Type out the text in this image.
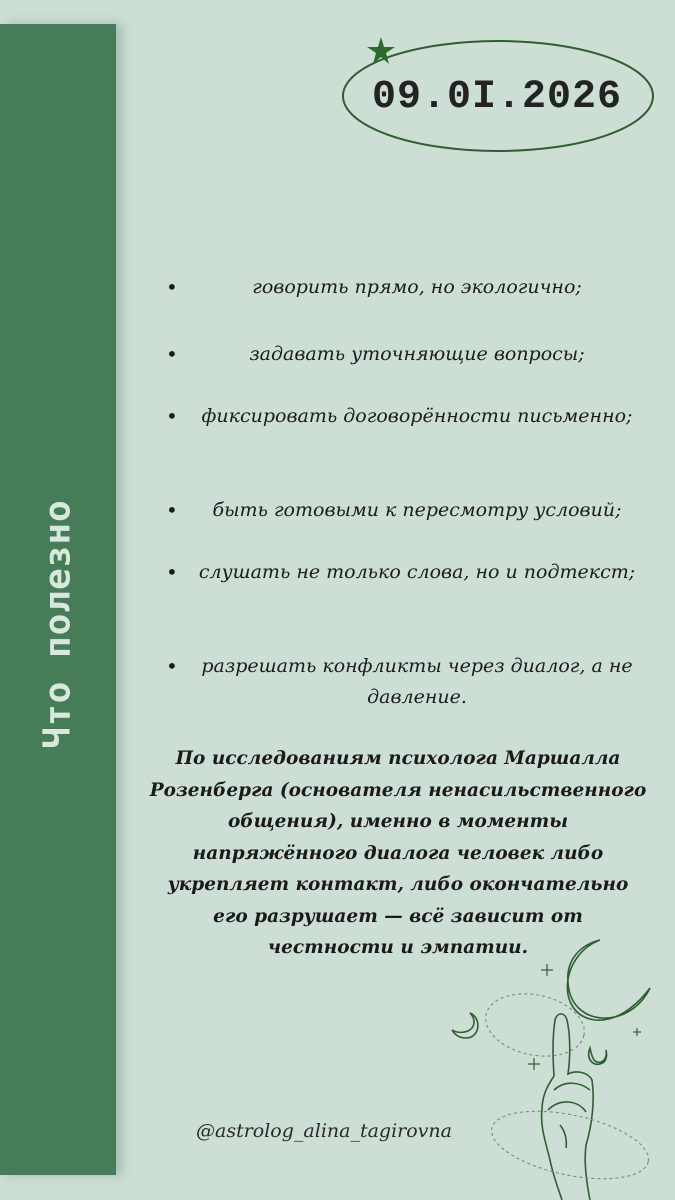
Что полезно
09.0I.2026
•	говорить прямо, но экологично;
•	задавать уточняющие вопросы;
• фиксировать договорённости письменно;
• быть готовыми к пересмотру условий;
• слушать не только слова, но и подтекст;
• разрешать конфликты через диалог, а не давление.
По исследованиям психолога Маршалла Розенберга (основателя ненасильственного общения), именно в моменты напряжённого диалога человек либо укрепляет контакт, либо окончательно его разрушает — всё зависит от честности и эмпатии.
@astrolog_alina_tagirovna
